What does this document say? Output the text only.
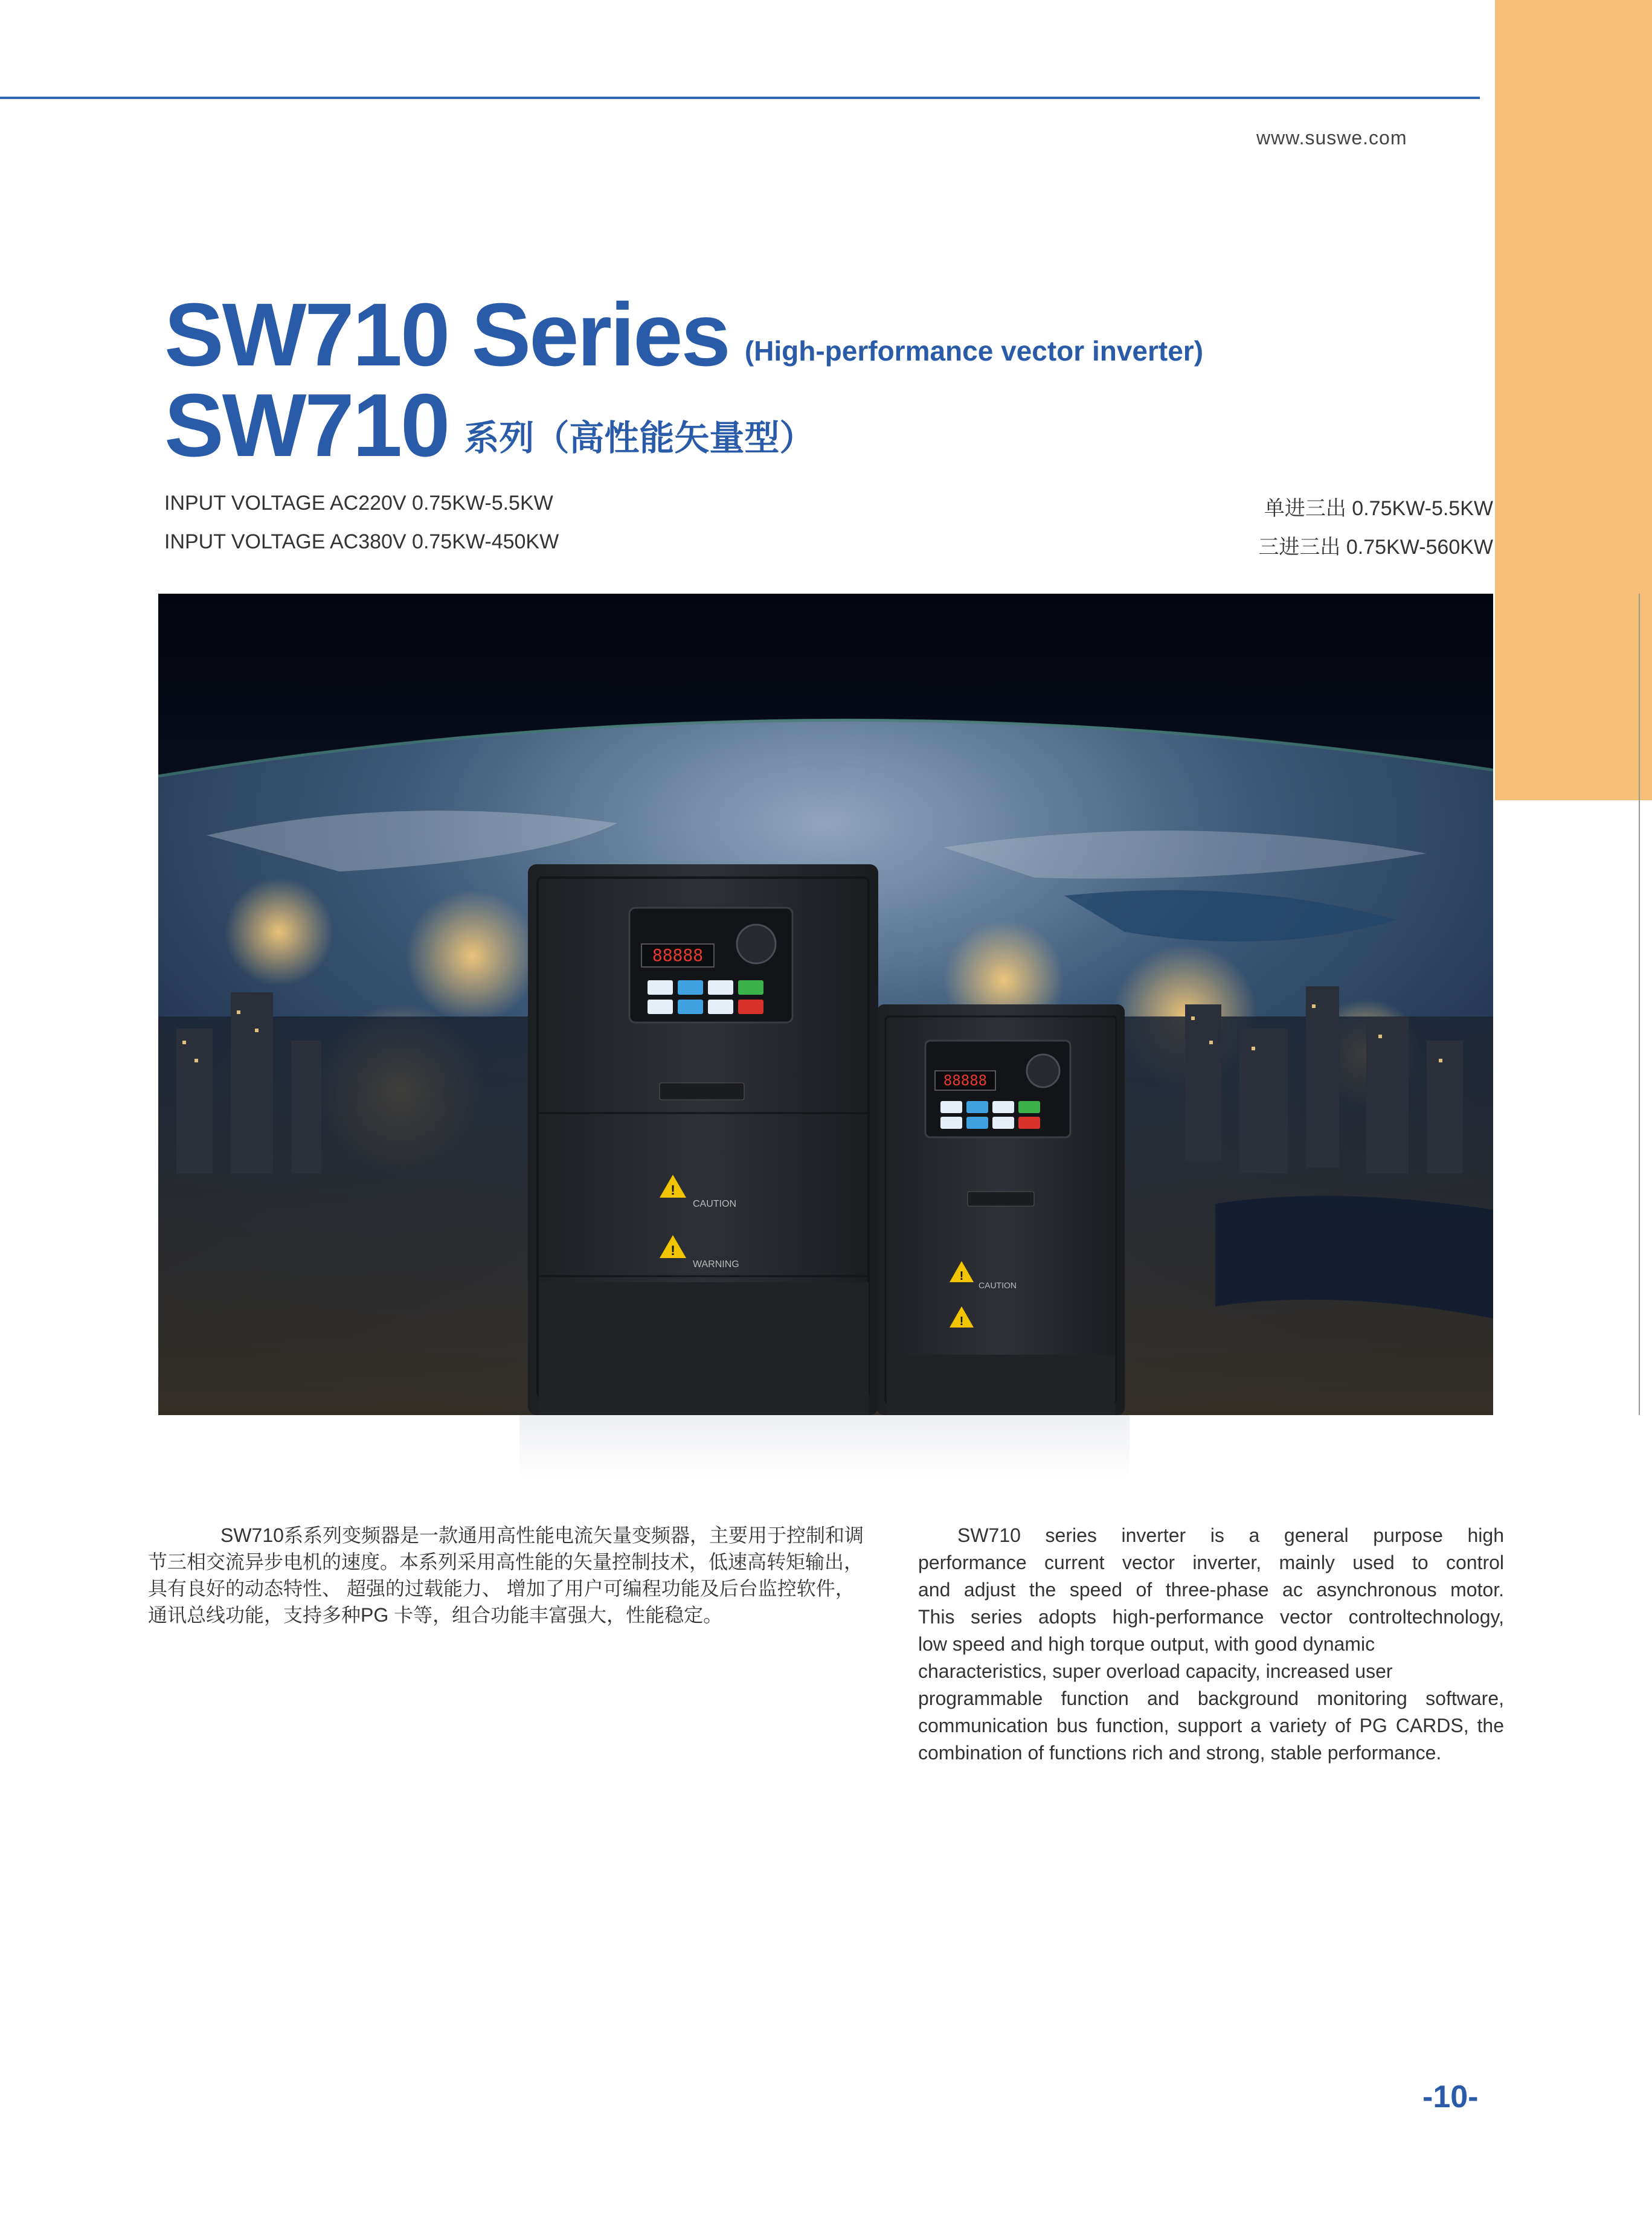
www.suswe.com
SW710 Series (High-performance vector inverter)
SW710 系列（高性能矢量型）
INPUT VOLTAGE AC220V 0.75KW-5.5KW
INPUT VOLTAGE AC380V 0.75KW-450KW
单进三出 0.75KW-5.5KW
三进三出 0.75KW-560KW
88888
!
CAUTION
!
WARNING
88888
!
CAUTION
!
SW710系系列变频器是一款通用高性能电流矢量变频器，主要用于控制和调
节三相交流异步电机的速度。本系列采用高性能的矢量控制技术，低速高转矩输出，
具有良好的动态特性、 超强的过载能力、 增加了用户可编程功能及后台监控软件，
通讯总线功能，支持多种PG 卡等，组合功能丰富强大，性能稳定。
SW710 series inverter is a general purpose high
performance current vector inverter, mainly used to control
and adjust the speed of three-phase ac asynchronous motor.
This series adopts high-performance vector controltechnology,
low speed and high torque output, with good dynamic
characteristics, super overload capacity, increased user
programmable function and background monitoring software,
communication bus function, support a variety of PG CARDS, the
combination of functions rich and strong, stable performance.
-10-
